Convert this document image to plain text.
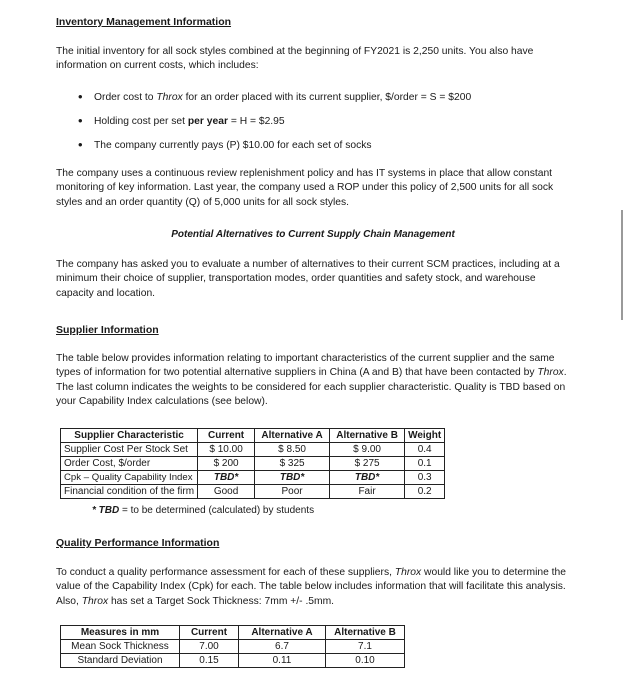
Inventory Management Information
The initial inventory for all sock styles combined at the beginning of FY2021 is 2,250 units. You also have information on current costs, which includes:
• Order cost to Throx for an order placed with its current supplier, $/order = S = $200
• Holding cost per set per year = H = $2.95
• The company currently pays (P) $10.00 for each set of socks
The company uses a continuous review replenishment policy and has IT systems in place that allow constant monitoring of key information. Last year, the company used a ROP under this policy of 2,500 units for all sock styles and an order quantity (Q) of 5,000 units for all sock styles.
Potential Alternatives to Current Supply Chain Management
The company has asked you to evaluate a number of alternatives to their current SCM practices, including at a minimum their choice of supplier, transportation modes, order quantities and safety stock, and warehouse capacity and location.
Supplier Information
The table below provides information relating to important characteristics of the current supplier and the same types of information for two potential alternative suppliers in China (A and B) that have been contacted by Throx. The last column indicates the weights to be considered for each supplier characteristic. Quality is TBD based on your Capability Index calculations (see below).
Supplier Characteristic	Current	Alternative A	Alternative B	Weight
Supplier Cost Per Stock Set	$ 10.00	$ 8.50	$ 9.00	0.4
Order Cost, $/order	$ 200	$ 325	$ 275	0.1
Cpk – Quality Capability Index	TBD*	TBD*	TBD*	0.3
Financial condition of the firm	Good	Poor	Fair	0.2
* TBD = to be determined (calculated) by students
Quality Performance Information
To conduct a quality performance assessment for each of these suppliers, Throx would like you to determine the value of the Capability Index (Cpk) for each. The table below includes information that will facilitate this analysis. Also, Throx has set a Target Sock Thickness: 7mm +/- .5mm.
Measures in mm	Current	Alternative A	Alternative B
Mean Sock Thickness	7.00	6.7	7.1
Standard Deviation	0.15	0.11	0.10
